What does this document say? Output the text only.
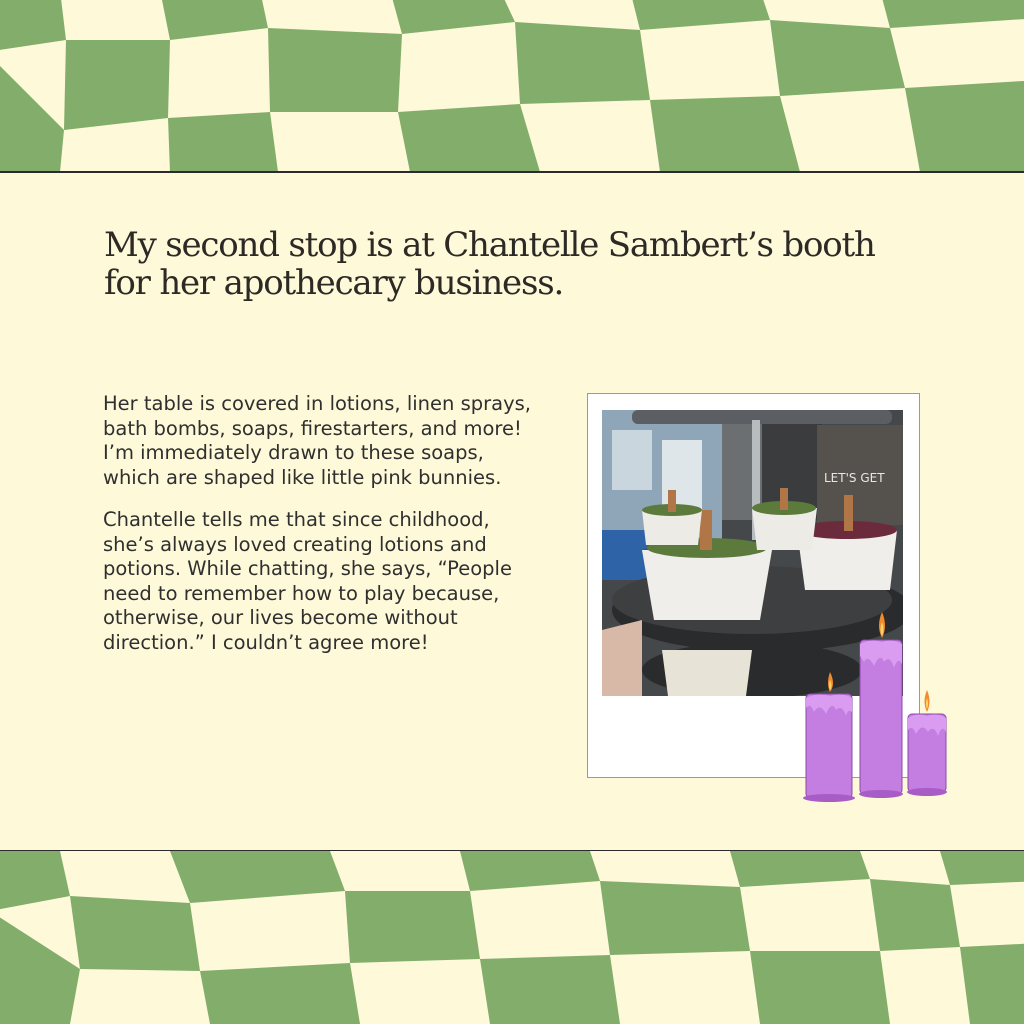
My second stop is at Chantelle Sambert’s booth for her apothecary business.

Her table is covered in lotions, linen sprays, bath bombs, soaps, firestarters, and more! I’m immediately drawn to these soaps, which are shaped like little pink bunnies.

Chantelle tells me that since childhood, she’s always loved creating lotions and potions. While chatting, she says, “People need to remember how to play because, otherwise, our lives become without direction.” I couldn’t agree more!

LET'S GET
